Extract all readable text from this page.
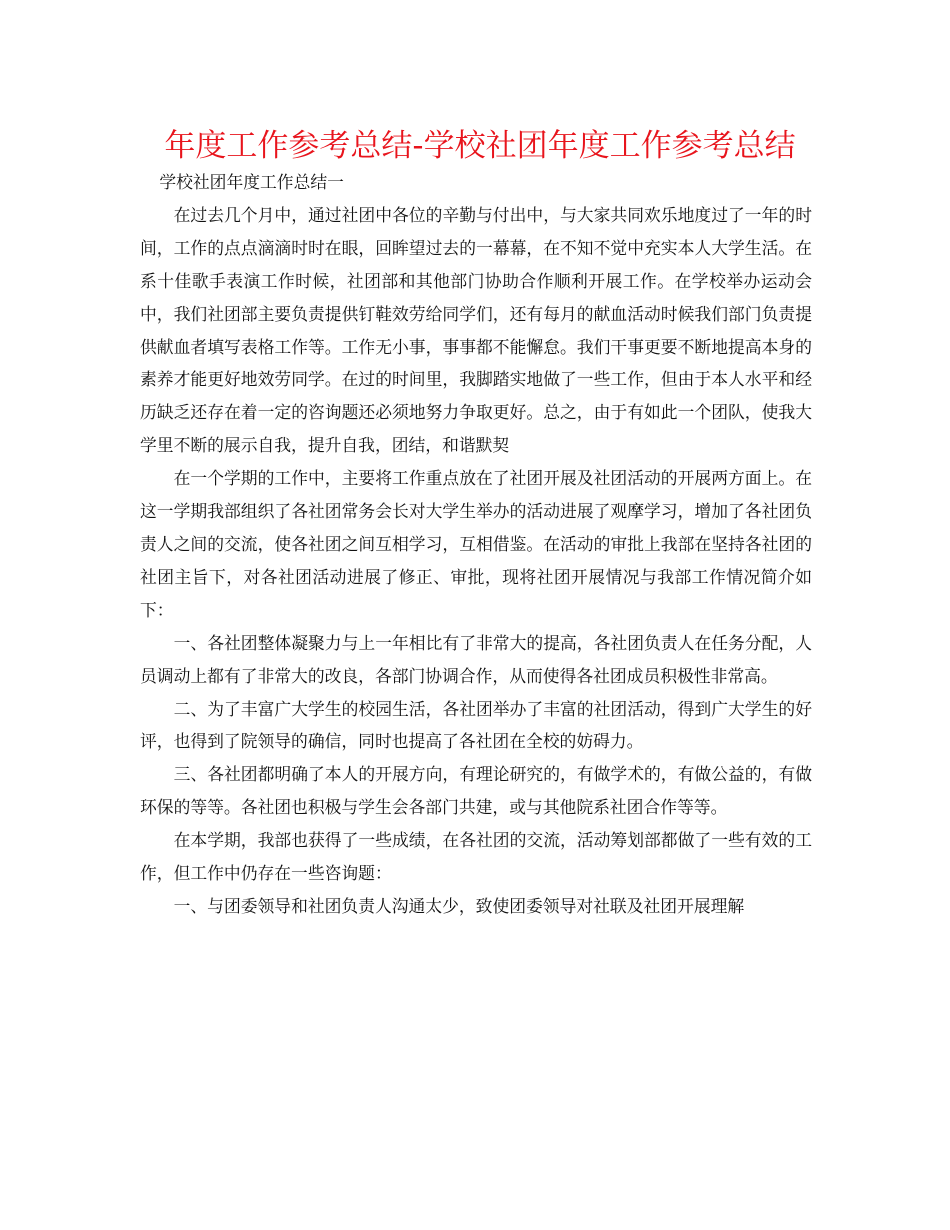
年度工作参考总结-学校社团年度工作参考总结

学校社团年度工作总结一

在过去几个月中，通过社团中各位的辛勤与付出中，与大家共同欢乐地度过了一年的时间，工作的点点滴滴时时在眼，回眸望过去的一幕幕，在不知不觉中充实本人大学生活。在系十佳歌手表演工作时候，社团部和其他部门协助合作顺利开展工作。在学校举办运动会中，我们社团部主要负责提供钉鞋效劳给同学们，还有每月的献血活动时候我们部门负责提供献血者填写表格工作等。工作无小事，事事都不能懈怠。我们干事更要不断地提高本身的素养才能更好地效劳同学。在过的时间里，我脚踏实地做了一些工作，但由于本人水平和经历缺乏还存在着一定的咨询题还必须地努力争取更好。总之，由于有如此一个团队，使我大学里不断的展示自我，提升自我，团结，和谐默契

在一个学期的工作中，主要将工作重点放在了社团开展及社团活动的开展两方面上。在这一学期我部组织了各社团常务会长对大学生举办的活动进展了观摩学习，增加了各社团负责人之间的交流，使各社团之间互相学习，互相借鉴。在活动的审批上我部在坚持各社团的社团主旨下，对各社团活动进展了修正、审批，现将社团开展情况与我部工作情况简介如下：

一、各社团整体凝聚力与上一年相比有了非常大的提高，各社团负责人在任务分配，人员调动上都有了非常大的改良，各部门协调合作，从而使得各社团成员积极性非常高。

二、为了丰富广大学生的校园生活，各社团举办了丰富的社团活动，得到广大学生的好评，也得到了院领导的确信，同时也提高了各社团在全校的妨碍力。

三、各社团都明确了本人的开展方向，有理论研究的，有做学术的，有做公益的，有做环保的等等。各社团也积极与学生会各部门共建，或与其他院系社团合作等等。

在本学期，我部也获得了一些成绩，在各社团的交流，活动筹划部都做了一些有效的工作，但工作中仍存在一些咨询题：

一、与团委领导和社团负责人沟通太少，致使团委领导对社联及社团开展理解
